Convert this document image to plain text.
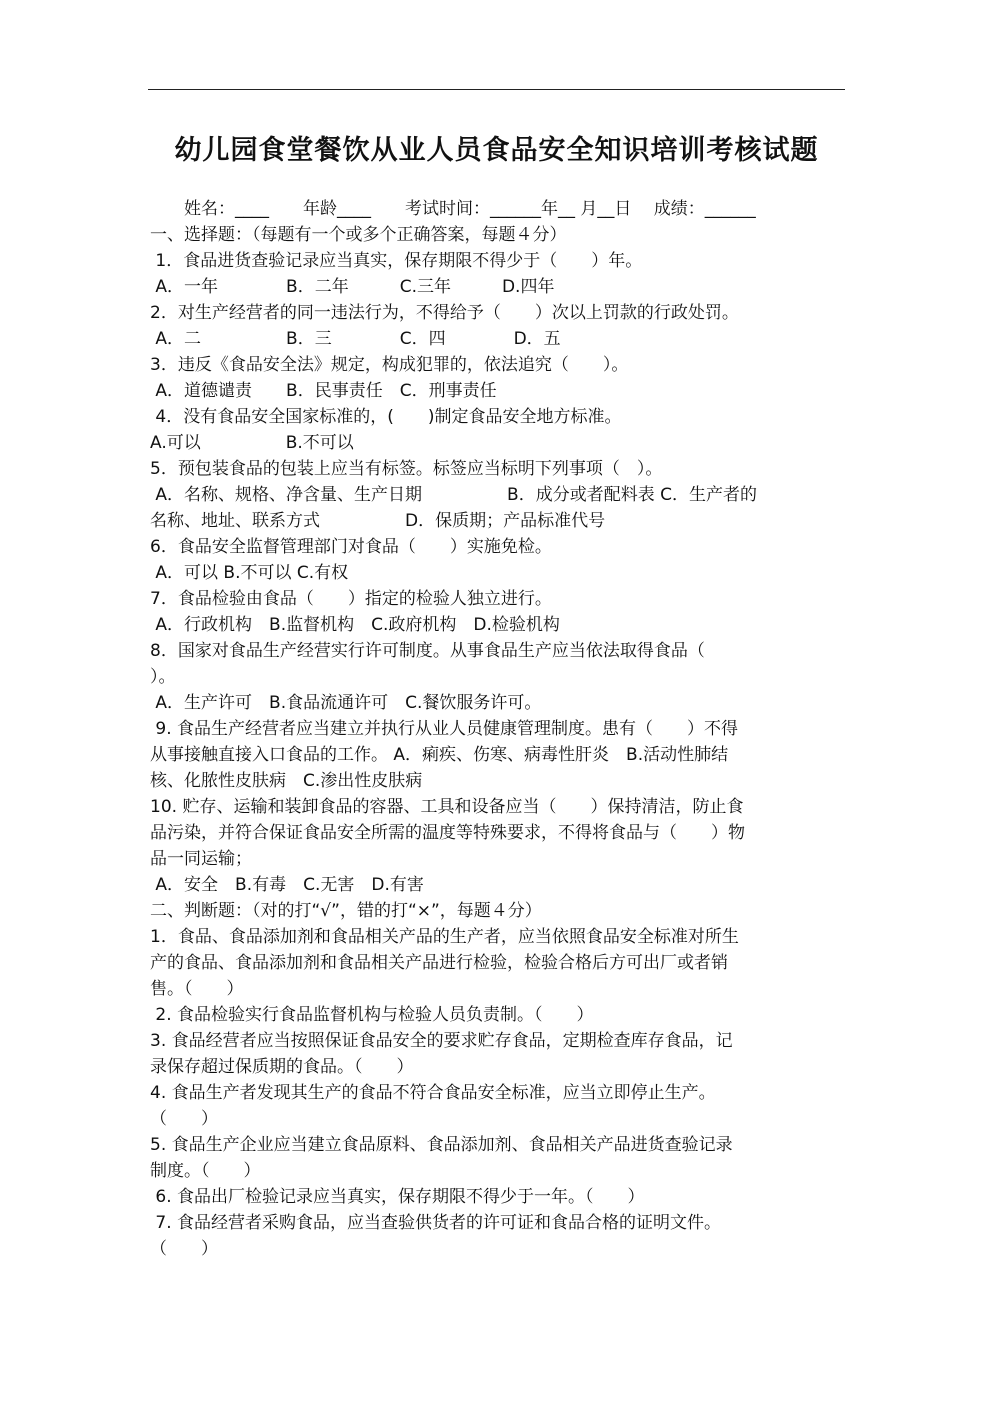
幼儿园食堂餐饮从业人员食品安全知识培训考核试题

　　姓名：____　　年龄____　　考试时间：______年__ 月__日　 成绩：______

一、选择题：（每题有一个或多个正确答案，每题４分）

1．食品进货查验记录应当真实，保存期限不得少于（　　）年。

A．一年　　　　B．二年　　　C.三年　　　D.四年

2．对生产经营者的同一违法行为，不得给予（　　）次以上罚款的行政处罚。

A．二　　　　　B．三　　　　C．四　　　　D．五

3．违反《食品安全法》规定，构成犯罪的，依法追究（　　）。

A．道德谴责　　B．民事责任　C．刑事责任

4．没有食品安全国家标准的，(　　)制定食品安全地方标准。

A.可以　　　　　B.不可以

5．预包装食品的包装上应当有标签。标签应当标明下列事项（　）。

A．名称、规格、净含量、生产日期　　　　　B．成分或者配料表 C．生产者的

名称、地址、联系方式　　　　　D．保质期；产品标准代号

6．食品安全监督管理部门对食品（　　）实施免检。

A．可以 B.不可以 C.有权

7．食品检验由食品（　　）指定的检验人独立进行。

A．行政机构　B.监督机构　C.政府机构　D.检验机构

8．国家对食品生产经营实行许可制度。从事食品生产应当依法取得食品（

）。

A．生产许可　B.食品流通许可　C.餐饮服务许可。

9. 食品生产经营者应当建立并执行从业人员健康管理制度。患有（　　）不得

从事接触直接入口食品的工作。 A．痢疾、伤寒、病毒性肝炎　B.活动性肺结

核、化脓性皮肤病　C.渗出性皮肤病

10. 贮存、运输和装卸食品的容器、工具和设备应当（　　）保持清洁，防止食

品污染，并符合保证食品安全所需的温度等特殊要求，不得将食品与（　　）物

品一同运输；

A．安全　B.有毒　C.无害　D.有害

二、判断题：（对的打“√”，错的打“×”，每题４分）

1．食品、食品添加剂和食品相关产品的生产者，应当依照食品安全标准对所生

产的食品、食品添加剂和食品相关产品进行检验，检验合格后方可出厂或者销

售。（　　）

2. 食品检验实行食品监督机构与检验人员负责制。（　　）

3. 食品经营者应当按照保证食品安全的要求贮存食品，定期检查库存食品，记

录保存超过保质期的食品。（　　）

4. 食品生产者发现其生产的食品不符合食品安全标准，应当立即停止生产。

（　　）

5. 食品生产企业应当建立食品原料、食品添加剂、食品相关产品进货查验记录

制度。（　　）

6. 食品出厂检验记录应当真实，保存期限不得少于一年。（　　）

7. 食品经营者采购食品，应当查验供货者的许可证和食品合格的证明文件。

（　　）
